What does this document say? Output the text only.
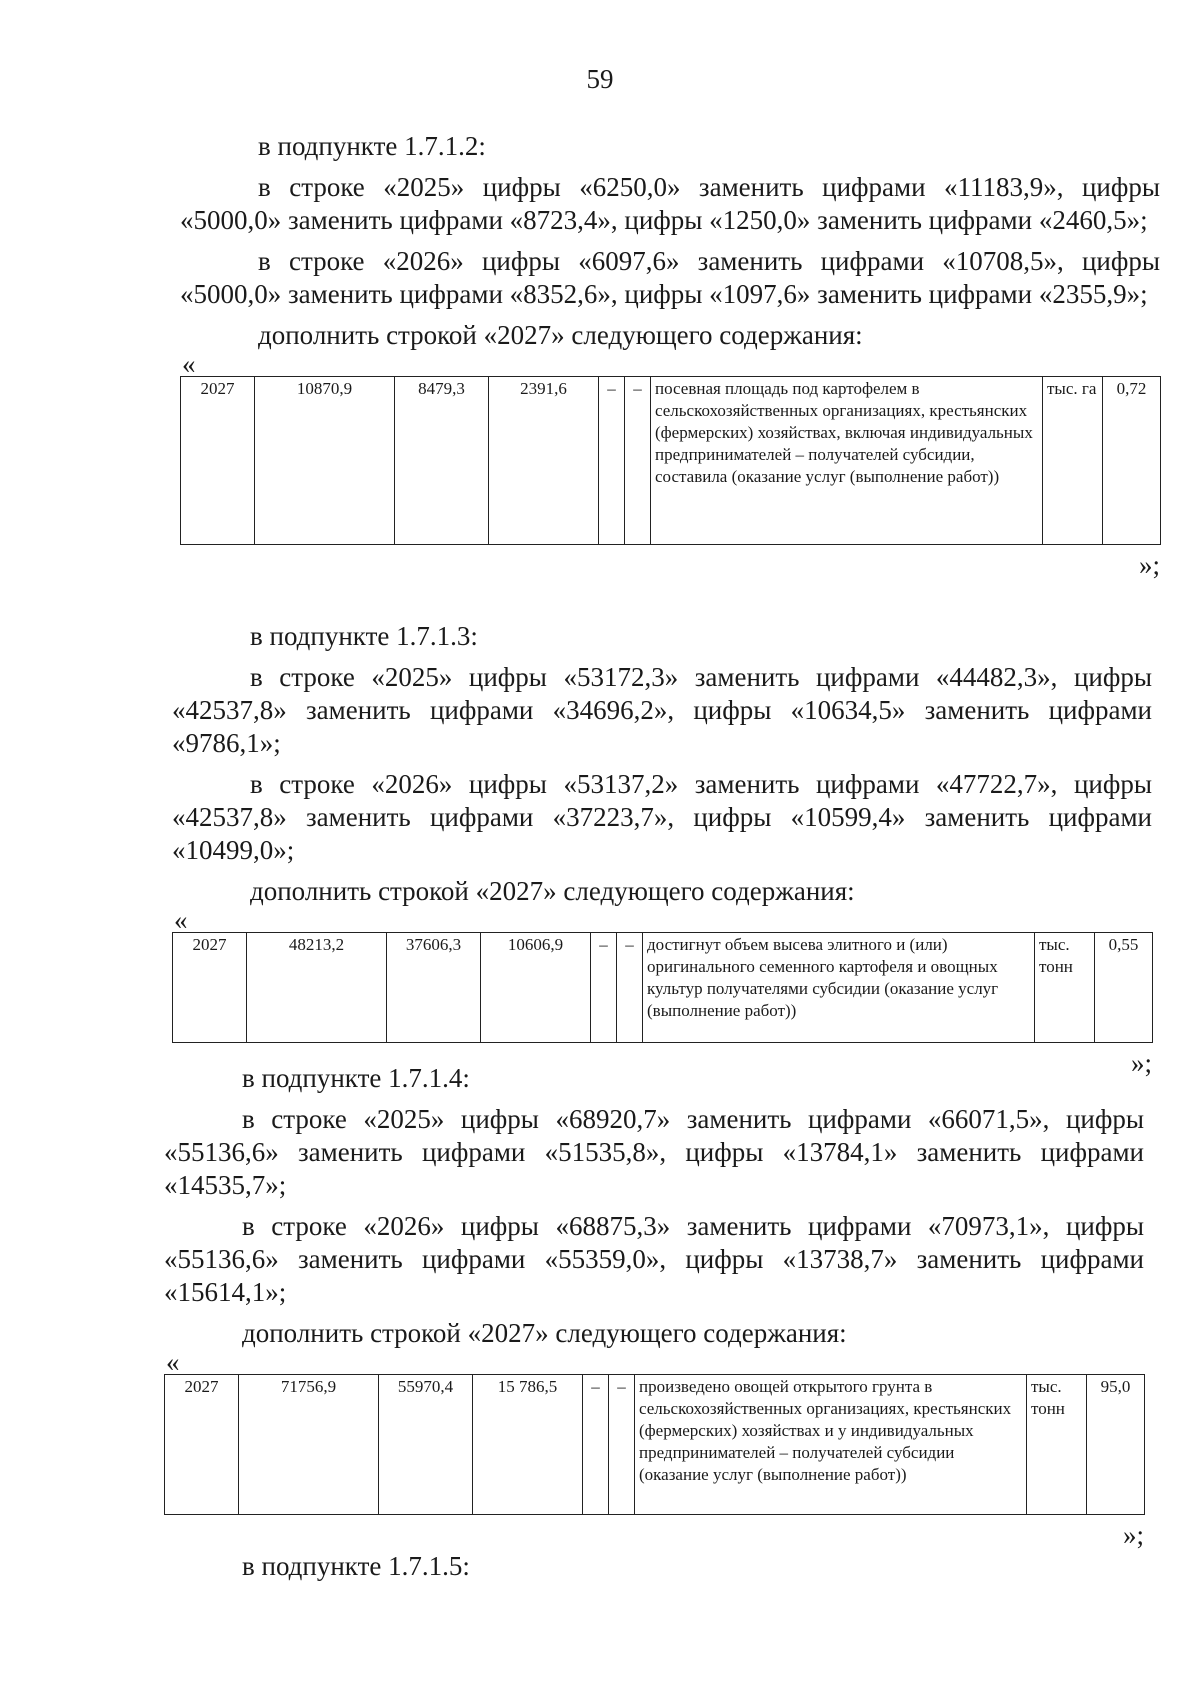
59

в подпункте 1.7.1.2:

в строке «2025» цифры «6250,0» заменить цифрами «11183,9», цифры «5000,0» заменить цифрами «8723,4», цифры «1250,0» заменить цифрами «2460,5»;

в строке «2026» цифры «6097,6» заменить цифрами «10708,5», цифры «5000,0» заменить цифрами «8352,6», цифры «1097,6» заменить цифрами «2355,9»;

дополнить строкой «2027» следующего содержания:

«
2027	10870,9	8479,3	2391,6	–	–	посевная площадь под картофелем в сельскохозяйственных организациях, крестьянских (фермерских) хозяйствах, включая индивидуальных предпринимателей – получателей субсидии, составила (оказание услуг (выполнение работ))	тыс. га	0,72
»;

в подпункте 1.7.1.3:

в строке «2025» цифры «53172,3» заменить цифрами «44482,3», цифры «42537,8» заменить цифрами «34696,2», цифры «10634,5» заменить цифрами «9786,1»;

в строке «2026» цифры «53137,2» заменить цифрами «47722,7», цифры «42537,8» заменить цифрами «37223,7», цифры «10599,4» заменить цифрами «10499,0»;

дополнить строкой «2027» следующего содержания:

«
2027	48213,2	37606,3	10606,9	–	–	достигнут объем высева элитного и (или) оригинального семенного картофеля и овощных культур получателями субсидии (оказание услуг (выполнение работ))	тыс. тонн	0,55
»;

в подпункте 1.7.1.4:

в строке «2025» цифры «68920,7» заменить цифрами «66071,5», цифры «55136,6» заменить цифрами «51535,8», цифры «13784,1» заменить цифрами «14535,7»;

в строке «2026» цифры «68875,3» заменить цифрами «70973,1», цифры «55136,6» заменить цифрами «55359,0», цифры «13738,7» заменить цифрами «15614,1»;

дополнить строкой «2027» следующего содержания:

«
2027	71756,9	55970,4	15 786,5	–	–	произведено овощей открытого грунта в сельскохозяйственных организациях, крестьянских (фермерских) хозяйствах и у индивидуальных предпринимателей – получателей субсидии (оказание услуг (выполнение работ))	тыс. тонн	95,0
»;

в подпункте 1.7.1.5:
